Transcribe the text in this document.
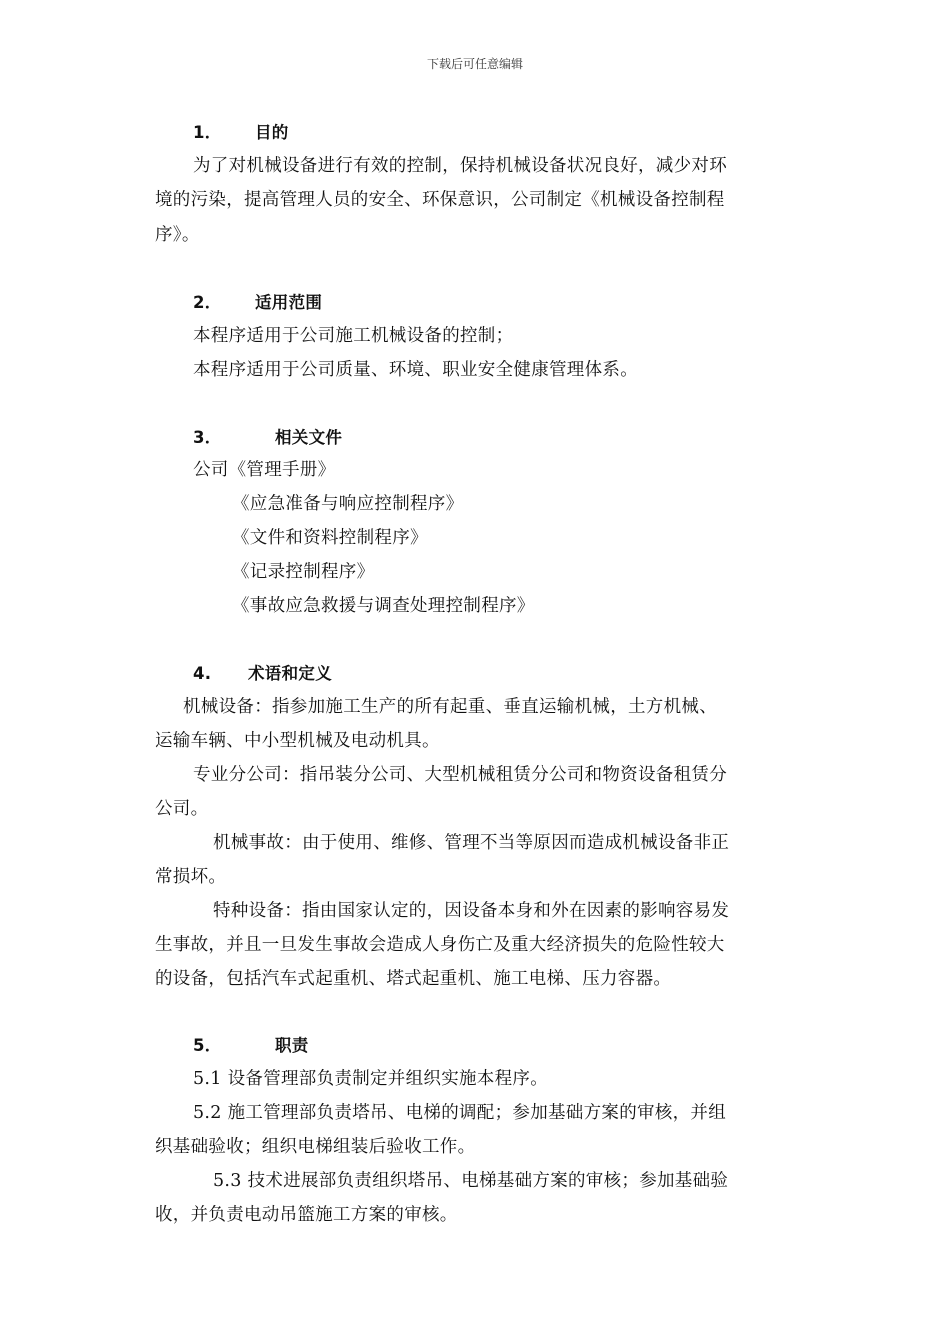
下载后可任意编辑
1． 目的
为了对机械设备进行有效的控制，保持机械设备状况良好，减少对环
境的污染，提高管理人员的安全、环保意识，公司制定《机械设备控制程
序》。
2． 适用范围
本程序适用于公司施工机械设备的控制；
本程序适用于公司质量、环境、职业安全健康管理体系。
3．	相关文件
公司《管理手册》
《应急准备与响应控制程序》
《文件和资料控制程序》
《记录控制程序》
《事故应急救援与调查处理控制程序》
4. 术语和定义
机械设备：指参加施工生产的所有起重、垂直运输机械，土方机械、
运输车辆、中小型机械及电动机具。
专业分公司：指吊装分公司、大型机械租赁分公司和物资设备租赁分
公司。
机械事故：由于使用、维修、管理不当等原因而造成机械设备非正
常损坏。
特种设备：指由国家认定的，因设备本身和外在因素的影响容易发
生事故，并且一旦发生事故会造成人身伤亡及重大经济损失的危险性较大
的设备，包括汽车式起重机、塔式起重机、施工电梯、压力容器。
5．	职责
5.1 设备管理部负责制定并组织实施本程序。
5.2 施工管理部负责塔吊、电梯的调配；参加基础方案的审核，并组
织基础验收；组织电梯组装后验收工作。
5.3 技术进展部负责组织塔吊、电梯基础方案的审核；参加基础验
收，并负责电动吊篮施工方案的审核。
